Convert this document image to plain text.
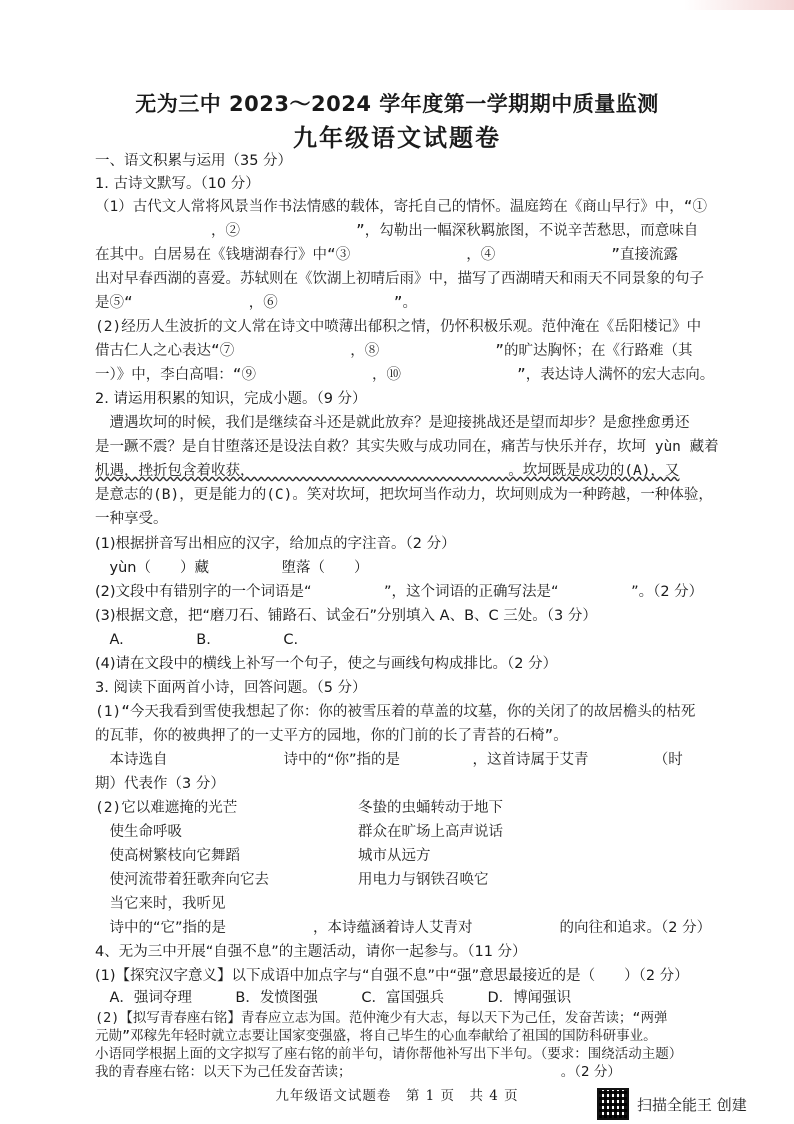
无为三中 2023～2024 学年度第一学期期中质量监测
九年级语文试题卷
一、语文积累与运用（35 分）
1. 古诗文默写。（10 分）
（1）古代文人常将风景当作书法情感的载体，寄托自己的情怀。温庭筠在《商山早行》中，“①
　　　　　　　　，②　　　　　　　　”，勾勒出一幅深秋羁旅图，不说辛苦愁思，而意味自
在其中。白居易在《钱塘湖春行》中“③　　　　　　　　，④　　　　　　　　”直接流露
出对早春西湖的喜爱。苏轼则在《饮湖上初晴后雨》中，描写了西湖晴天和雨天不同景象的句子
是⑤“　　　　　　　　，⑥　　　　　　　　”。
(2)经历人生波折的文人常在诗文中喷薄出郁积之情，仍怀积极乐观。范仲淹在《岳阳楼记》中
借古仁人之心表达“⑦　　　　　　　　，⑧　　　　　　　　”的旷达胸怀；在《行路难（其
一）》中，李白高唱：“⑨　　　　　　　　，⑩　　　　　　　　”，表达诗人满怀的宏大志向。
2. 请运用积累的知识，完成小题。（9 分）
　遭遇坎坷的时候，我们是继续奋斗还是就此放弃？是迎接挑战还是望而却步？是愈挫愈勇还
是一蹶不震？是自甘堕落还是设法自救？其实失败与成功同在，痛苦与快乐并存，坎坷 yùn 藏着
机遇，挫折包含着收获，　　　　　　　　　　　　　　　　　　。坎坷既是成功的(A)，又
是意志的(B)，更是能力的(C)。笑对坎坷，把坎坷当作动力，坎坷则成为一种跨越，一种体验，
一种享受。
(1)根据拼音写出相应的汉字，给加点的字注音。（2 分）
　yùn（　　）藏　　　　　堕落（　　）
(2)文段中有错别字的一个词语是“　　　　　”，这个词语的正确写法是“　　　　　”。（2 分）
(3)根据文意，把“磨刀石、铺路石、试金石”分别填入 A、B、C 三处。（3 分）
　A.　　　　　B.　　　　　C.
(4)请在文段中的横线上补写一个句子，使之与画线句构成排比。（2 分）
3. 阅读下面两首小诗，回答问题。（5 分）
(1)“今天我看到雪使我想起了你：你的被雪压着的草盖的坟墓，你的关闭了的故居檐头的枯死
的瓦菲，你的被典押了的一丈平方的园地，你的门前的长了青苔的石椅”。
　本诗选自　　　　　　　　诗中的“你”指的是　　　　　，这首诗属于艾青　　　　　（时
期）代表作（3 分）
(2)它以难遮掩的光芒
　使生命呼吸
　使高树繁枝向它舞蹈
　使河流带着狂歌奔向它去
　当它来时，我听见
冬蛰的虫蛹转动于地下
群众在旷场上高声说话
城市从远方
用电力与钢铁召唤它
　诗中的“它”指的是　　　　　　，本诗蕴涵着诗人艾青对　　　　　　的向往和追求。（2 分）
4、无为三中开展“自强不息”的主题活动，请你一起参与。（11 分）
(1)【探究汉字意义】以下成语中加点字与“自强不息”中“强”意思最接近的是（　　）（2 分）
　A．强词夺理　　　B．发愤图强　　　C．富国强兵　　　D．博闻强识
(2)【拟写青春座右铭】青春应立志为国。范仲淹少有大志，每以天下为己任，发奋苦读；“两弹
元勋”邓稼先年轻时就立志要让国家变强盛，将自己毕生的心血奉献给了祖国的国防科研事业。
九年级语文试题卷　第 1 页　共 4 页	扫描全能王 创建
小语同学根据上面的文字拟写了座右铭的前半句，请你帮他补写出下半句。（要求：围绕活动主题）
我的青春座右铭：以天下为己任发奋苦读；　　　　　　　　　　　　　　　　。（2 分）
